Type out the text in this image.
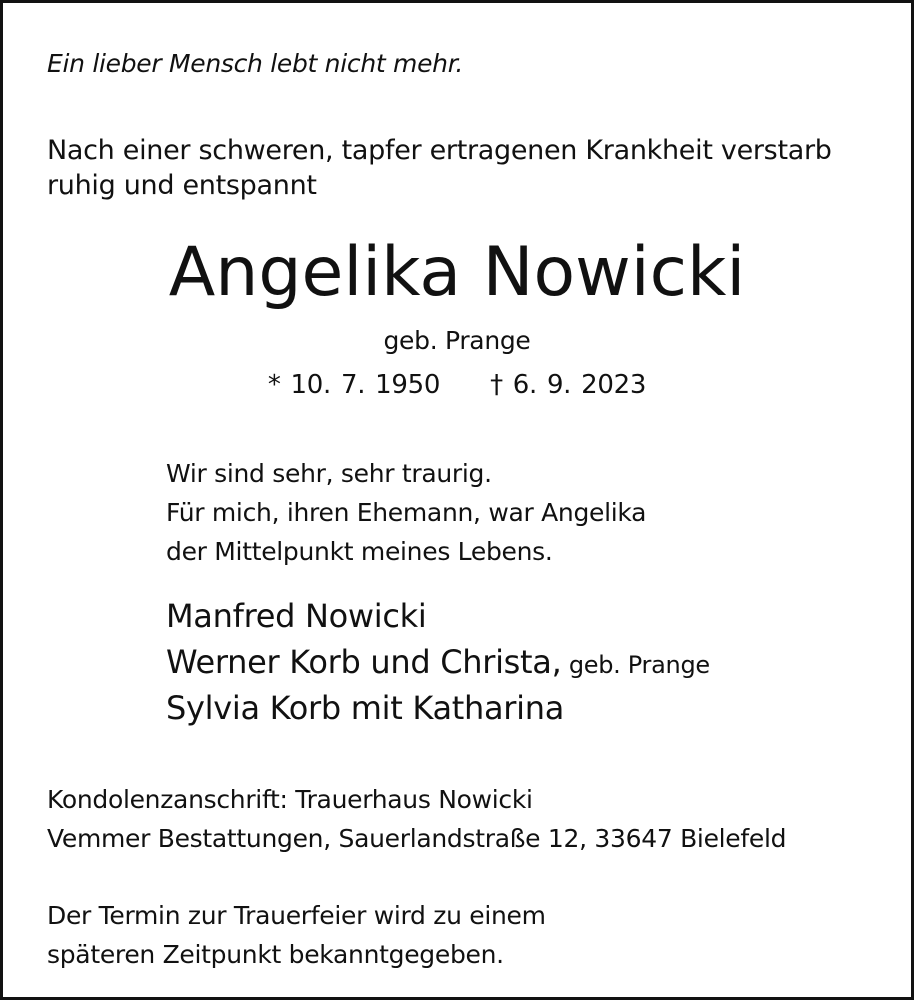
Ein lieber Mensch lebt nicht mehr.
Nach einer schweren, tapfer ertragenen Krankheit verstarb
ruhig und entspannt
Angelika Nowicki
geb. Prange
* 10. 7. 1950 † 6. 9. 2023
Wir sind sehr, sehr traurig.
Für mich, ihren Ehemann, war Angelika
der Mittelpunkt meines Lebens.
Manfred Nowicki
Werner Korb und Christa, geb. Prange
Sylvia Korb mit Katharina
Kondolenzanschrift: Trauerhaus Nowicki
Vemmer Bestattungen, Sauerlandstraße 12, 33647 Bielefeld
Der Termin zur Trauerfeier wird zu einem
späteren Zeitpunkt bekanntgegeben.
